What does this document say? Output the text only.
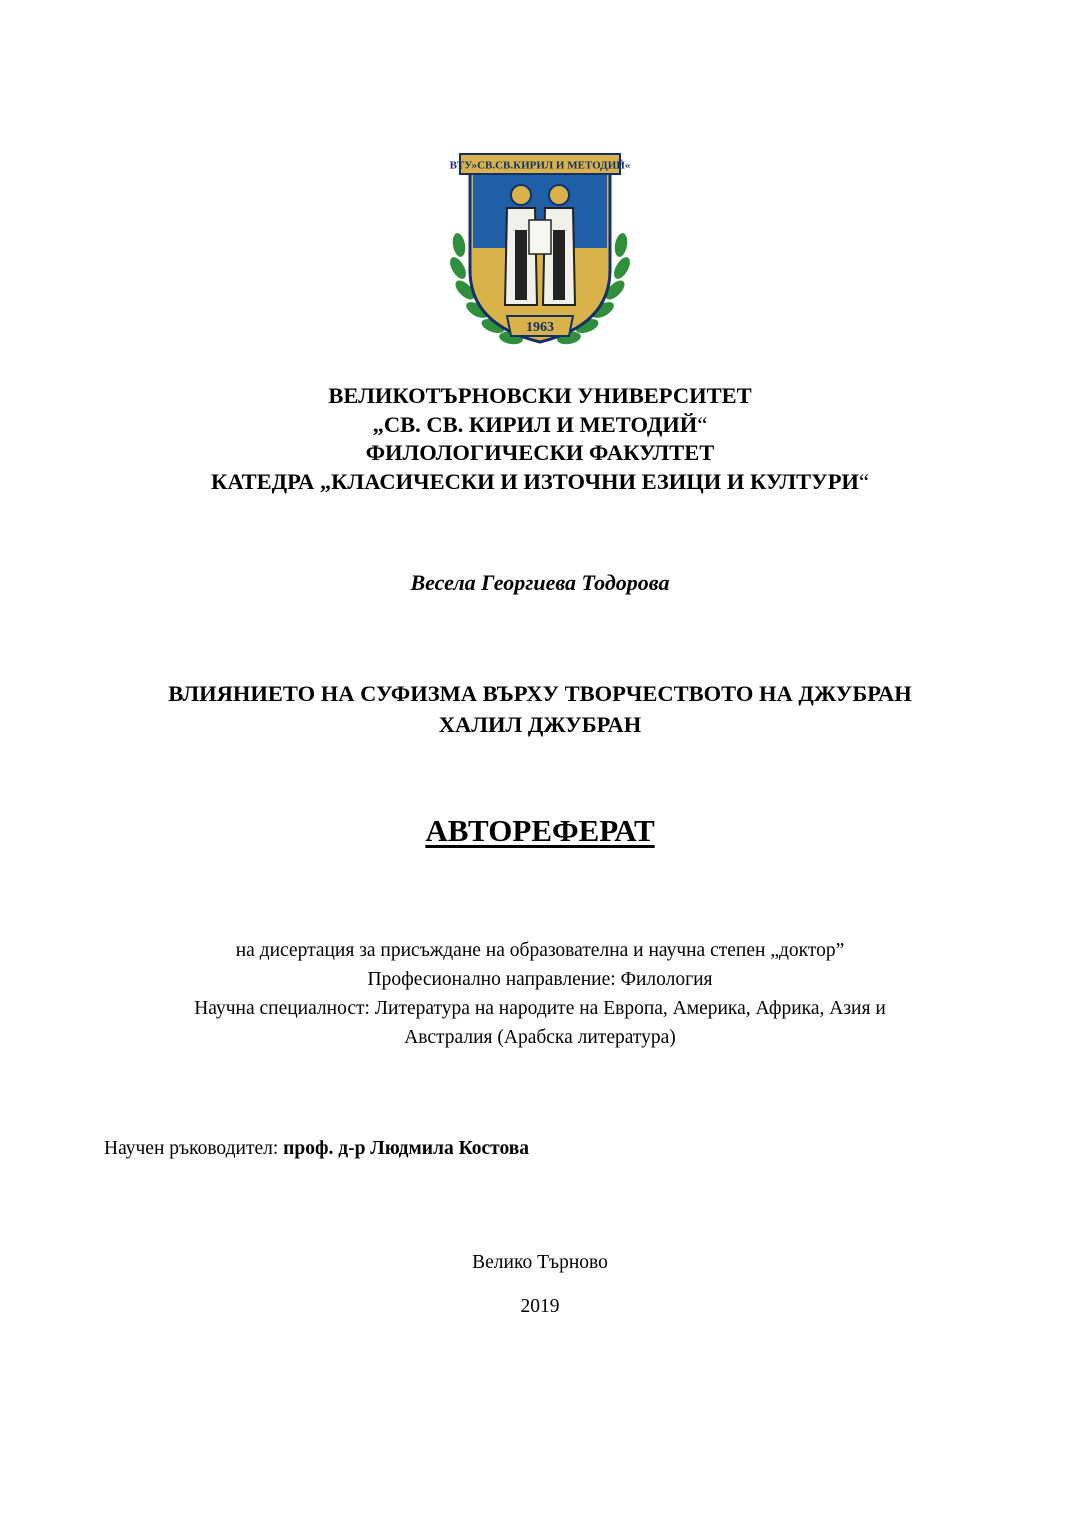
ВТУ»СВ.СВ.КИРИЛ И МЕТОДИЙ«
1963
ВЕЛИКОТЪРНОВСКИ УНИВЕРСИТЕТ
„СВ. СВ. КИРИЛ И МЕТОДИЙ“
ФИЛОЛОГИЧЕСКИ ФАКУЛТЕТ
КАТЕДРА „КЛАСИЧЕСКИ И ИЗТОЧНИ ЕЗИЦИ И КУЛТУРИ“
Весела Георгиева Тодорова
ВЛИЯНИЕТО НА СУФИЗМА ВЪРХУ ТВОРЧЕСТВОТО НА ДЖУБРАН
ХАЛИЛ ДЖУБРАН
АВТОРЕФЕРАТ
на дисертация за присъждане на образователна и научна степен „доктор”
Професионално направление: Филология
Научна специалност: Литература на народите на Европа, Америка, Африка, Азия и
Австралия (Арабска литература)
Научен ръководител: проф. д-р Людмила Костова
Велико Търново
2019
